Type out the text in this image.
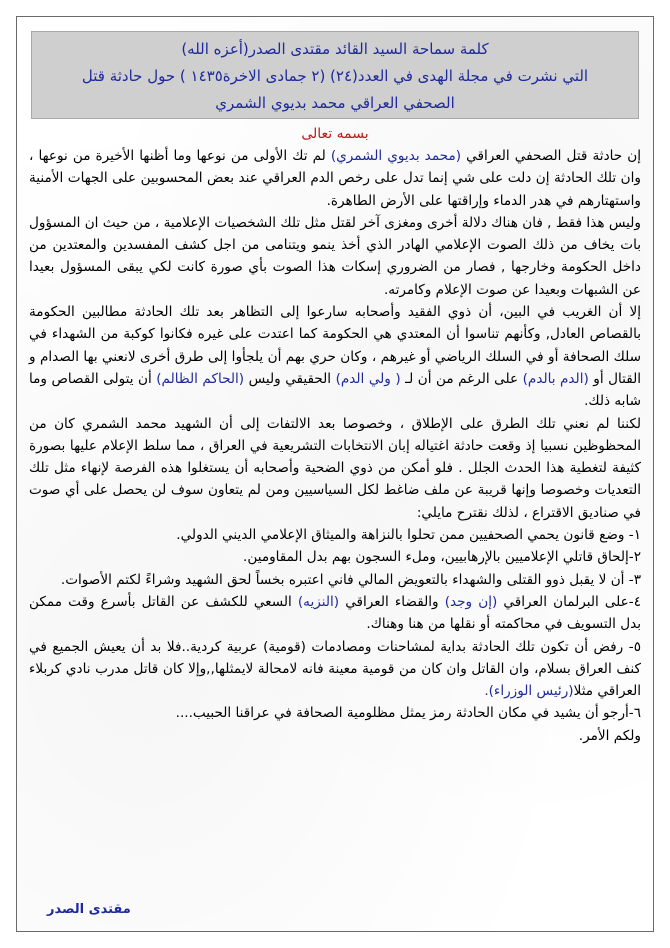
كلمة سماحة السيد القائد مقتدى الصدر(أعزه الله)
التي نشرت في مجلة الهدى في العدد(٢٤) (٢ جمادى الاخرة١٤٣٥ ) حول حادثة قتل
الصحفي العراقي محمد بديوي الشمري
بسمه تعالى

إن حادثة قتل الصحفي العراقي (محمد بديوي الشمري) لم تك الأولى من نوعها وما أظنها الأخيرة من نوعها ، وان تلك الحادثة إن دلت على شي إنما تدل على رخص الدم العراقي عند بعض المحسوبين على الجهات الأمنية واستهتارهم في هدر الدماء وإراقتها على الأرض الطاهرة.

وليس هذا فقط , فان هناك دلالة أخرى ومغزى آخر لقتل مثل تلك الشخصيات الإعلامية ، من حيث ان المسؤول بات يخاف من ذلك الصوت الإعلامي الهادر الذي أخذ ينمو ويتنامى من اجل كشف المفسدين والمعتدين من داخل الحكومة وخارجها , فصار من الضروري إسكات هذا الصوت بأي صورة كانت لكي يبقى المسؤول بعيدا عن الشبهات وبعيدا عن صوت الإعلام وكامرته.

إلا أن الغريب في البين، أن ذوي الفقيد وأصحابه سارعوا إلى التظاهر بعد تلك الحادثة مطالبين الحكومة بالقصاص العادل, وكأنهم تناسوا أن المعتدي هي الحكومة كما اعتدت على غيره فكانوا كوكبة من الشهداء في سلك الصحافة أو في السلك الرياضي أو غيرهم ، وكان حري بهم أن يلجأوا إلى طرق أخرى لانعني بها الصدام و القتال أو (الدم بالدم) على الرغم من أن لـ ( ولي الدم) الحقيقي وليس (الحاكم الظالم) أن يتولى القصاص وما شابه ذلك.

لكننا لم نعني تلك الطرق على الإطلاق ، وخصوصا بعد الالتفات إلى أن الشهيد محمد الشمري كان من المحظوظين نسبيا إذ وقعت حادثة اغتياله إبان الانتخابات التشريعية في العراق ، مما سلط الإعلام عليها بصورة كثيفة لتغطية هذا الحدث الجلل . فلو أمكن من ذوي الضحية وأصحابه أن يستغلوا هذه الفرصة لإنهاء مثل تلك التعديات وخصوصا وإنها قريبة عن ملف ضاغط لكل السياسيين ومن لم يتعاون سوف لن يحصل على أي صوت في صناديق الاقتراع ، لذلك نقترح مايلي:

١- وضع قانون يحمي الصحفيين ممن تحلوا بالنزاهة والميثاق الإعلامي الديني الدولي.

٢-إلحاق قاتلي الإعلاميين بالإرهابيين، وملء السجون بهم بدل المقاومين.

٣- أن لا يقبل ذوو القتلى والشهداء بالتعويض المالي فاني اعتبره بخساً لحق الشهيد وشراءً لكتم الأصوات.

٤-على البرلمان العراقي (إن وجد) والقضاء العراقي (النزيه) السعي للكشف عن القاتل بأسرع وقت ممكن بدل التسويف في محاكمته أو نقلها من هنا وهناك.

٥- رفض أن تكون تلك الحادثة بداية لمشاحنات ومصادمات (قومية) عربية كردية..فلا بد أن يعيش الجميع في كنف العراق بسلام، وان القاتل وان كان من قومية معينة فانه لامحالة لايمثلها,,وإلا كان قاتل مدرب نادي كربلاء العراقي مثلا(رئيس الوزراء).

٦-أرجو أن يشيد في مكان الحادثة رمز يمثل مظلومية الصحافة في عراقنا الحبيب....

ولكم الأمر.

مقتدى الصدر
